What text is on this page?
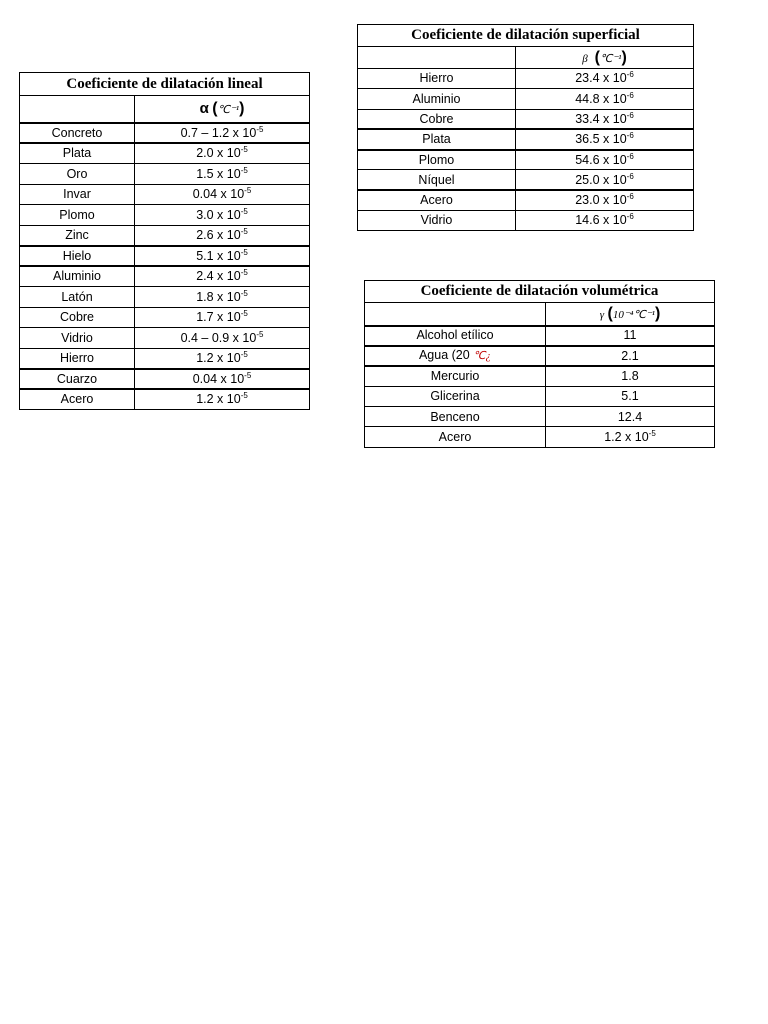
Coeficiente de dilatación lineal	
	α (℃⁻¹)
Concreto	0.7 – 1.2 x $10^{-5}$
Plata	2.0 x $10^{-5}$
Oro	1.5 x $10^{-5}$
Invar	0.04 x $10^{-5}$
Plomo	3.0 x $10^{-5}$
Zinc	2.6 x $10^{-5}$
Hielo	5.1 x $10^{-5}$
Aluminio	2.4 x $10^{-5}$
Latón	1.8 x $10^{-5}$
Cobre	1.7 x $10^{-5}$
Vidrio	0.4 – 0.9 x $10^{-5}$
Hierro	1.2 x $10^{-5}$
Cuarzo	0.04 x $10^{-5}$
Acero	1.2 x $10^{-5}$
Coeficiente de dilatación superficial	
	β (℃⁻¹)
Hierro	23.4 x $10^{-6}$
Aluminio	44.8 x $10^{-6}$
Cobre	33.4 x $10^{-6}$
Plata	36.5 x $10^{-6}$
Plomo	54.6 x $10^{-6}$
Níquel	25.0 x $10^{-6}$
Acero	23.0 x $10^{-6}$
Vidrio	14.6 x $10^{-6}$
Coeficiente de dilatación volumétrica	
	γ (10⁻⁴℃⁻¹)
Alcohol etílico	11
Agua (20 ℃¿	2.1
Mercurio	1.8
Glicerina	5.1
Benceno	12.4
Acero	1.2 x $10^{-5}$
